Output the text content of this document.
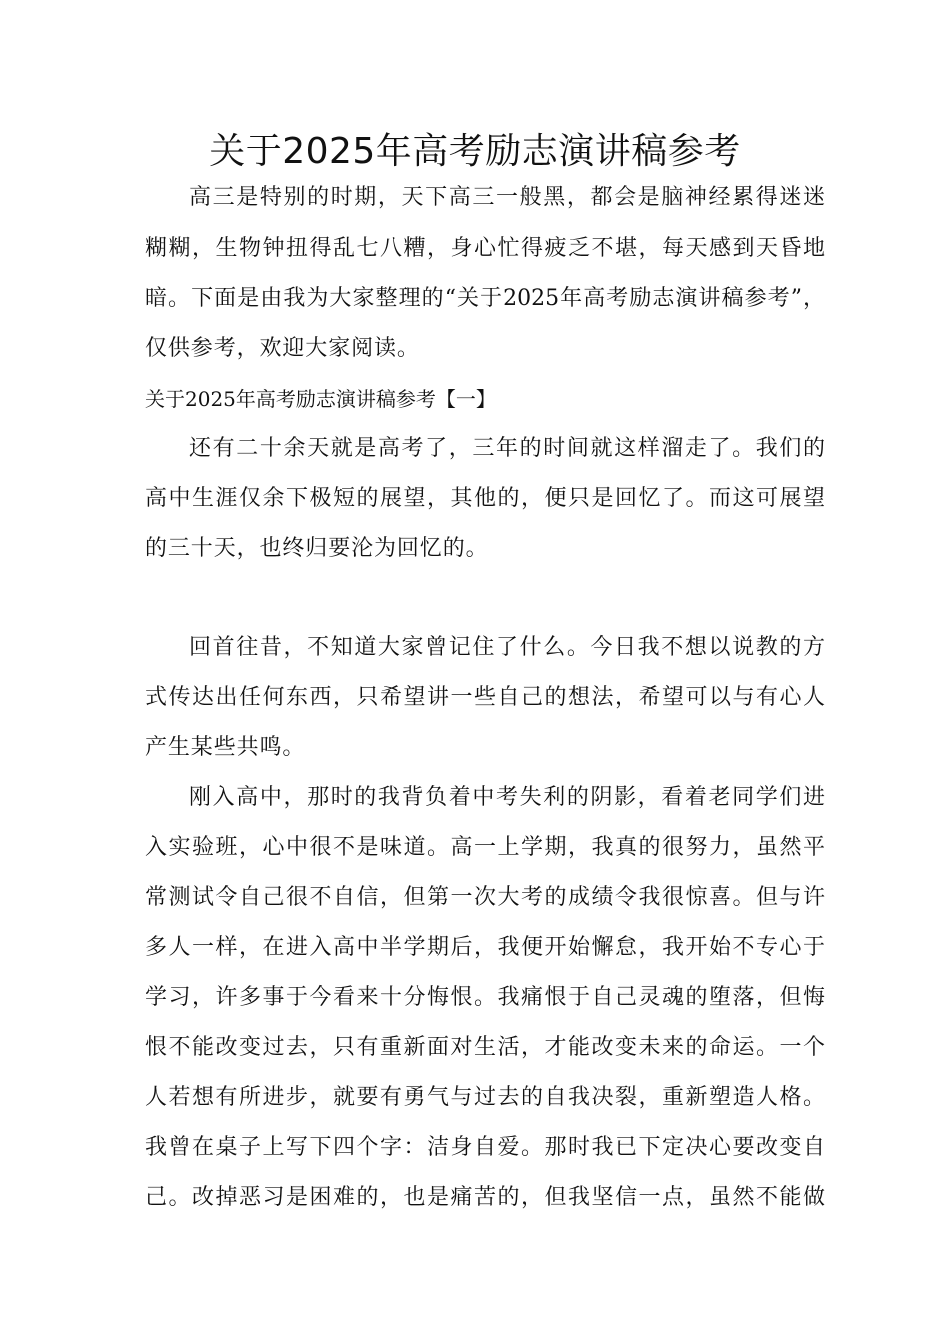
关于2025年高考励志演讲稿参考

高三是特别的时期，天下高三一般黑，都会是脑神经累得迷迷

糊糊，生物钟扭得乱七八糟，身心忙得疲乏不堪，每天感到天昏地

暗。下面是由我为大家整理的“关于2025年高考励志演讲稿参考”，

仅供参考，欢迎大家阅读。

关于2025年高考励志演讲稿参考【一】

还有二十余天就是高考了，三年的时间就这样溜走了。我们的

高中生涯仅余下极短的展望，其他的，便只是回忆了。而这可展望

的三十天，也终归要沦为回忆的。

回首往昔，不知道大家曾记住了什么。今日我不想以说教的方

式传达出任何东西，只希望讲一些自己的想法，希望可以与有心人

产生某些共鸣。

刚入高中，那时的我背负着中考失利的阴影，看着老同学们进

入实验班，心中很不是味道。高一上学期，我真的很努力，虽然平

常测试令自己很不自信，但第一次大考的成绩令我很惊喜。但与许

多人一样，在进入高中半学期后，我便开始懈怠，我开始不专心于

学习，许多事于今看来十分悔恨。我痛恨于自己灵魂的堕落，但悔

恨不能改变过去，只有重新面对生活，才能改变未来的命运。一个

人若想有所进步，就要有勇气与过去的自我决裂，重新塑造人格。

我曾在桌子上写下四个字：洁身自爱。那时我已下定决心要改变自

己。改掉恶习是困难的，也是痛苦的，但我坚信一点，虽然不能做
